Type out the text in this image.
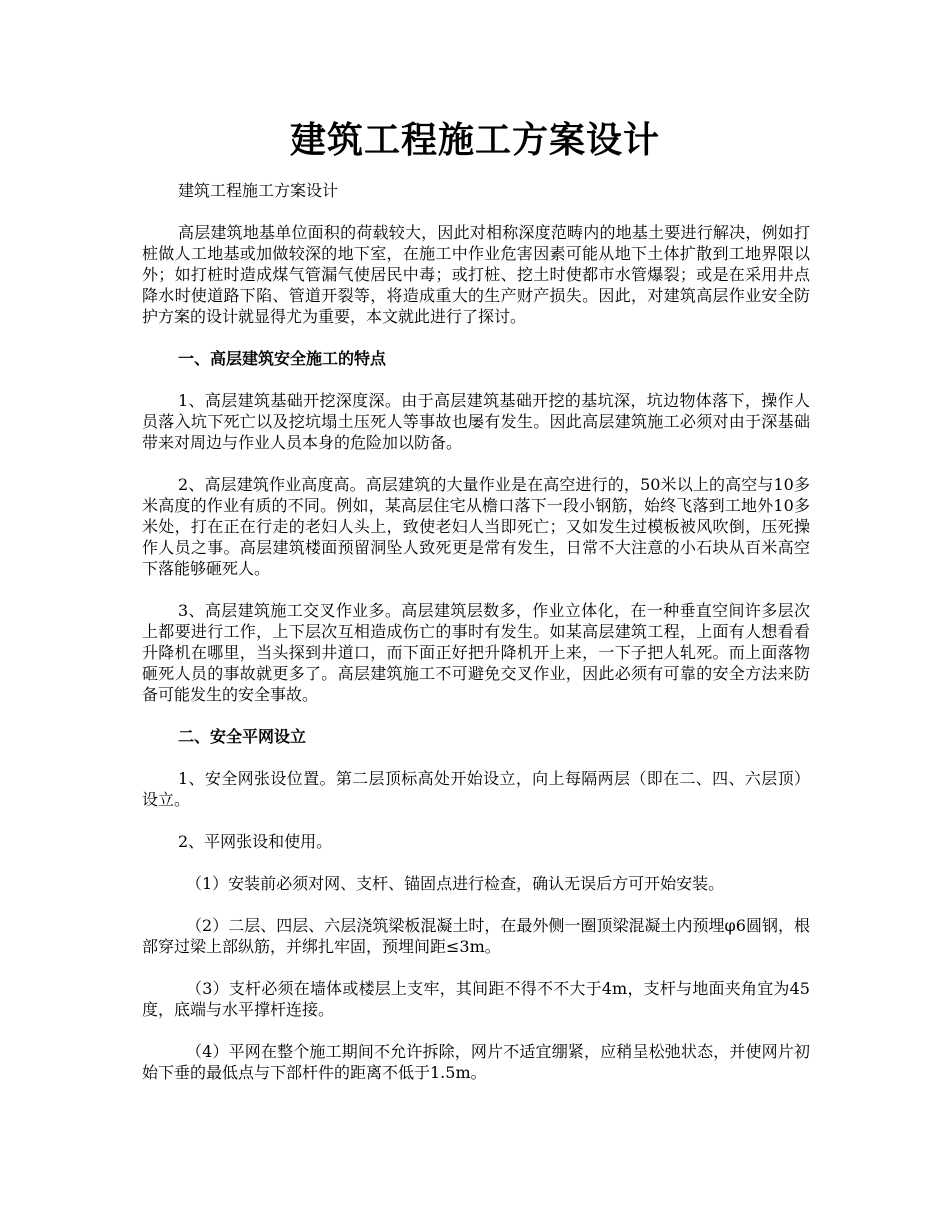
建筑工程施工方案设计

建筑工程施工方案设计

高层建筑地基单位面积的荷载较大，因此对相称深度范畴内的地基土要进行解决，例如打桩做人工地基或加做较深的地下室，在施工中作业危害因素可能从地下土体扩散到工地界限以外；如打桩时造成煤气管漏气使居民中毒；或打桩、挖土时使都市水管爆裂；或是在采用井点降水时使道路下陷、管道开裂等，将造成重大的生产财产损失。因此，对建筑高层作业安全防护方案的设计就显得尤为重要，本文就此进行了探讨。

一、高层建筑安全施工的特点

1、高层建筑基础开挖深度深。由于高层建筑基础开挖的基坑深，坑边物体落下，操作人员落入坑下死亡以及挖坑塌土压死人等事故也屡有发生。因此高层建筑施工必须对由于深基础带来对周边与作业人员本身的危险加以防备。

2、高层建筑作业高度高。高层建筑的大量作业是在高空进行的，50米以上的高空与10多米高度的作业有质的不同。例如，某高层住宅从檐口落下一段小钢筋，始终飞落到工地外10多米处，打在正在行走的老妇人头上，致使老妇人当即死亡；又如发生过模板被风吹倒，压死操作人员之事。高层建筑楼面预留洞坠人致死更是常有发生，日常不大注意的小石块从百米高空下落能够砸死人。

3、高层建筑施工交叉作业多。高层建筑层数多，作业立体化，在一种垂直空间许多层次上都要进行工作，上下层次互相造成伤亡的事时有发生。如某高层建筑工程，上面有人想看看升降机在哪里，当头探到井道口，而下面正好把升降机开上来，一下子把人轧死。而上面落物砸死人员的事故就更多了。高层建筑施工不可避免交叉作业，因此必须有可靠的安全方法来防备可能发生的安全事故。

二、安全平网设立

1、安全网张设位置。第二层顶标高处开始设立，向上每隔两层（即在二、四、六层顶）设立。

2、平网张设和使用。

（1）安装前必须对网、支杆、锚固点进行检查，确认无误后方可开始安装。

（2）二层、四层、六层浇筑梁板混凝土时，在最外侧一圈顶梁混凝土内预埋φ6圆钢，根部穿过梁上部纵筋，并绑扎牢固，预埋间距≤3m。

（3）支杆必须在墙体或楼层上支牢，其间距不得不不大于4m，支杆与地面夹角宜为45度，底端与水平撑杆连接。

（4）平网在整个施工期间不允许拆除，网片不适宜绷紧，应稍呈松弛状态，并使网片初始下垂的最低点与下部杆件的距离不低于1.5m。
